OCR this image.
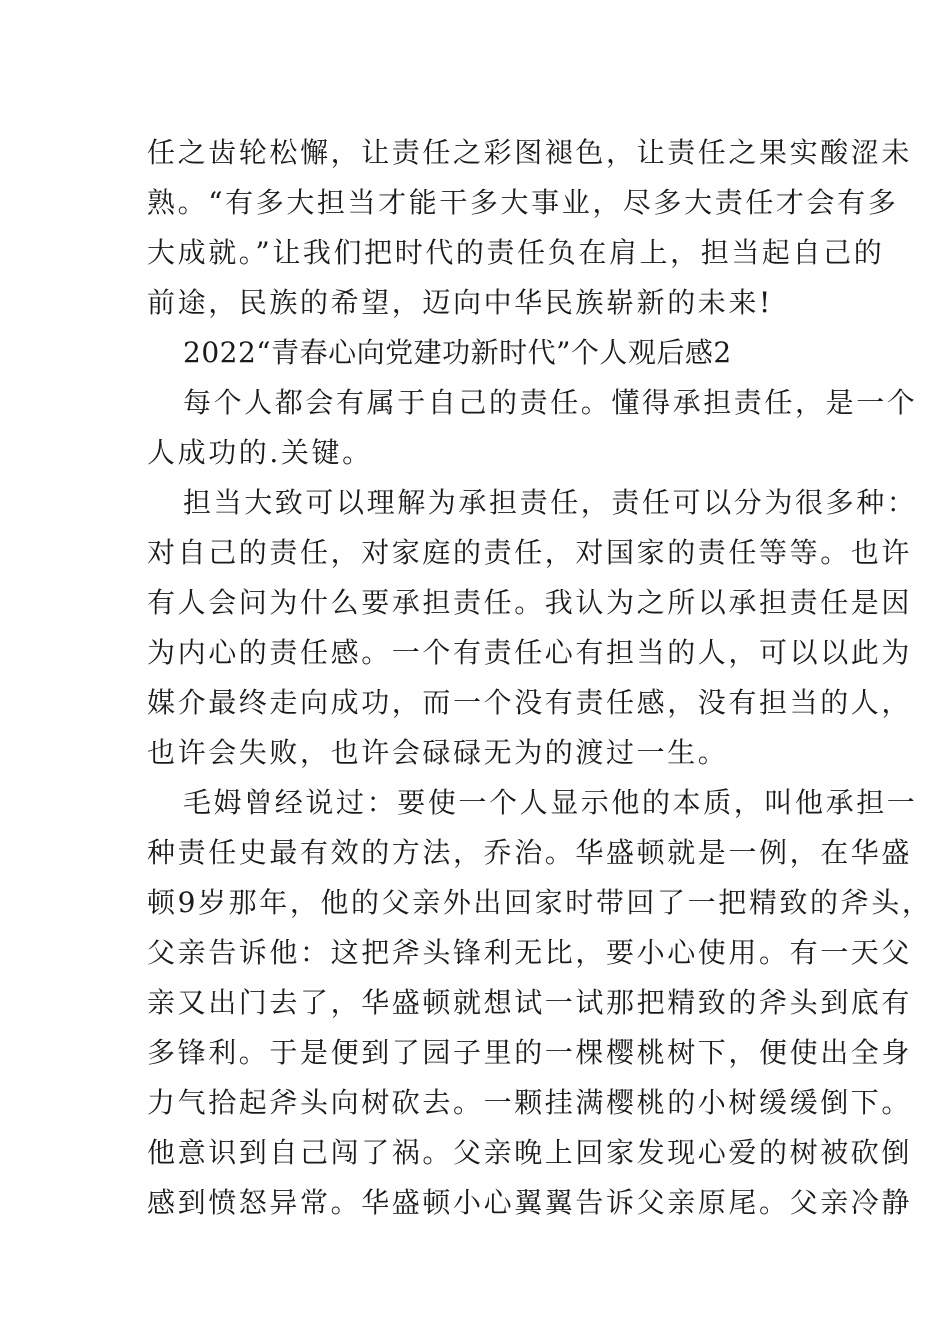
任之齿轮松懈，让责任之彩图褪色，让责任之果实酸涩未
熟。“有多大担当才能干多大事业，尽多大责任才会有多
大成就。”让我们把时代的责任负在肩上，担当起自己的
前途，民族的希望，迈向中华民族崭新的未来!
2022“青春心向党建功新时代”个人观后感2
每个人都会有属于自己的责任。懂得承担责任，是一个
人成功的.关键。
担当大致可以理解为承担责任，责任可以分为很多种：
对自己的责任，对家庭的责任，对国家的责任等等。也许
有人会问为什么要承担责任。我认为之所以承担责任是因
为内心的责任感。一个有责任心有担当的人，可以以此为
媒介最终走向成功，而一个没有责任感，没有担当的人，
也许会失败，也许会碌碌无为的渡过一生。
毛姆曾经说过：要使一个人显示他的本质，叫他承担一
种责任史最有效的方法，乔治。华盛顿就是一例，在华盛
顿9岁那年，他的父亲外出回家时带回了一把精致的斧头，
父亲告诉他：这把斧头锋利无比，要小心使用。有一天父
亲又出门去了，华盛顿就想试一试那把精致的斧头到底有
多锋利。于是便到了园子里的一棵樱桃树下，便使出全身
力气拾起斧头向树砍去。一颗挂满樱桃的小树缓缓倒下。
他意识到自己闯了祸。父亲晚上回家发现心爱的树被砍倒
感到愤怒异常。华盛顿小心翼翼告诉父亲原尾。父亲冷静
